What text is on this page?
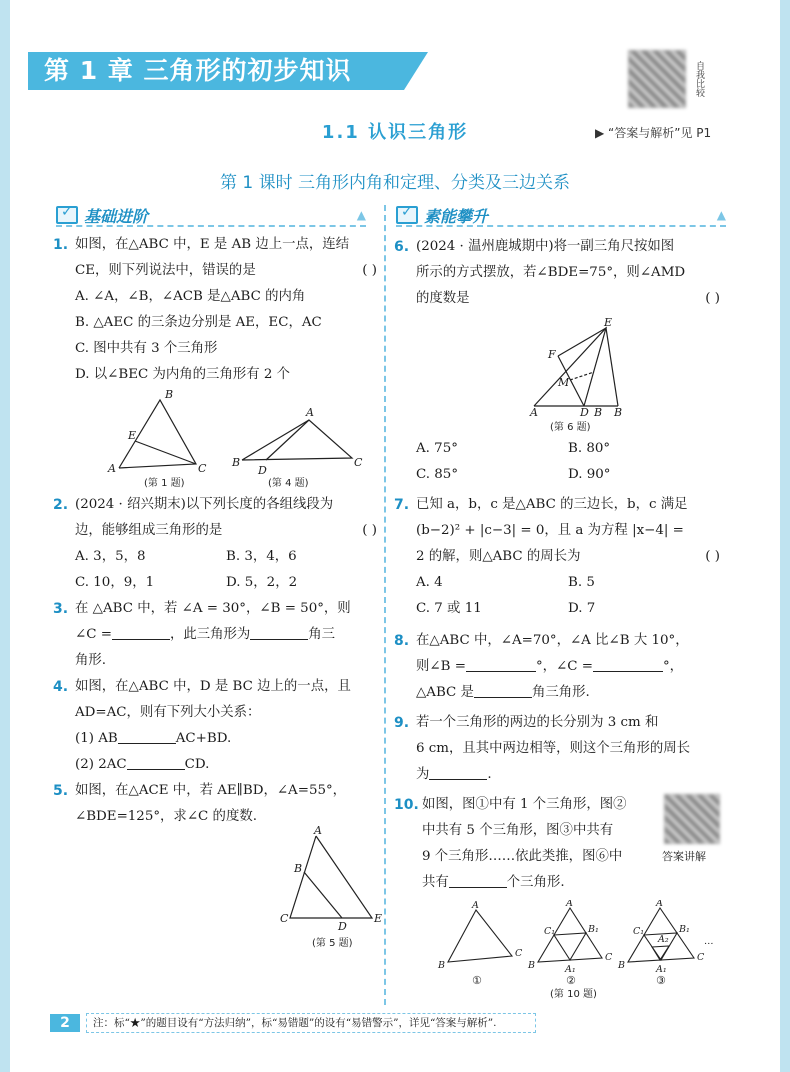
第 1 章 三角形的初步知识	自我比较
1.1 认识三角形	▶ “答案与解析”见 P1
第 1 课时 三角形内角和定理、分类及三边关系
✓
基础进阶	▲ ✓	素能攀升	▲
1. 如图，在△ABC 中，E 是 AB 边上一点，连结
CE，则下列说法中，错误的是	( )
A. ∠A，∠B，∠ACB 是△ABC 的内角
B. △AEC 的三条边分别是 AE，EC，AC
C. 图中共有 3 个三角形
D. 以∠BEC 为内角的三角形有 2 个
B
E
A	C
A
B
D
C
(第 1 题)	(第 4 题)
2. (2024 · 绍兴期末)以下列长度的各组线段为
边，能够组成三角形的是	( )
A. 3，5，8	B. 3，4，6
C. 10，9，1	D. 5，2，2
3. 在 △ABC 中，若 ∠A = 30°，∠B = 50°，则
∠C =	，此三角形为	角三
角形.
4. 如图，在△ABC 中，D 是 BC 边上的一点，且
AD=AC，则有下列大小关系：
(1) AB	AC+BD.
(2) 2AC	CD.
5. 如图，在△ACE 中，若 AE∥BD，∠A=55°，
∠BDE=125°，求∠C 的度数.
A
B
D
C	E
(第 5 题)
6. (2024 · 温州鹿城期中)将一副三角尺按如图
所示的方式摆放，若∠BDE=75°，则∠AMD
的度数是	( )
E
F
M
A	D B B
(第 6 题)
A. 75°	B. 80°
C. 85°	D. 90°
7. 已知 a，b，c 是△ABC 的三边长，b，c 满足
(b−2)² + |c−3| = 0，且 a 为方程 |x−4| =
2 的解，则△ABC 的周长为	( )
A. 4	B. 5
C. 7 或 11	D. 7
8. 在△ABC 中，∠A=70°，∠A 比∠B 大 10°，
则∠B =	°，∠C =	°，
△ABC 是	角三角形.
9. 若一个三角形的两边的长分别为 3 cm 和
6 cm，且其中两边相等，则这个三角形的周长
为	.
10. 如图，图①中有 1 个三角形，图②
中共有 5 个三角形，图③中共有
9 个三角形……依此类推，图⑥中
共有	个三角形.
答案讲解
A
B
C
A
B
C
C₁	B₁
A₁
A
B
C
C₁	B₁
A₂
A₁
…
①	②	③
(第 10 题)
2	注：标“★”的题目设有“方法归纳”，标“易错题”的设有“易错警示”，详见“答案与解析”.
